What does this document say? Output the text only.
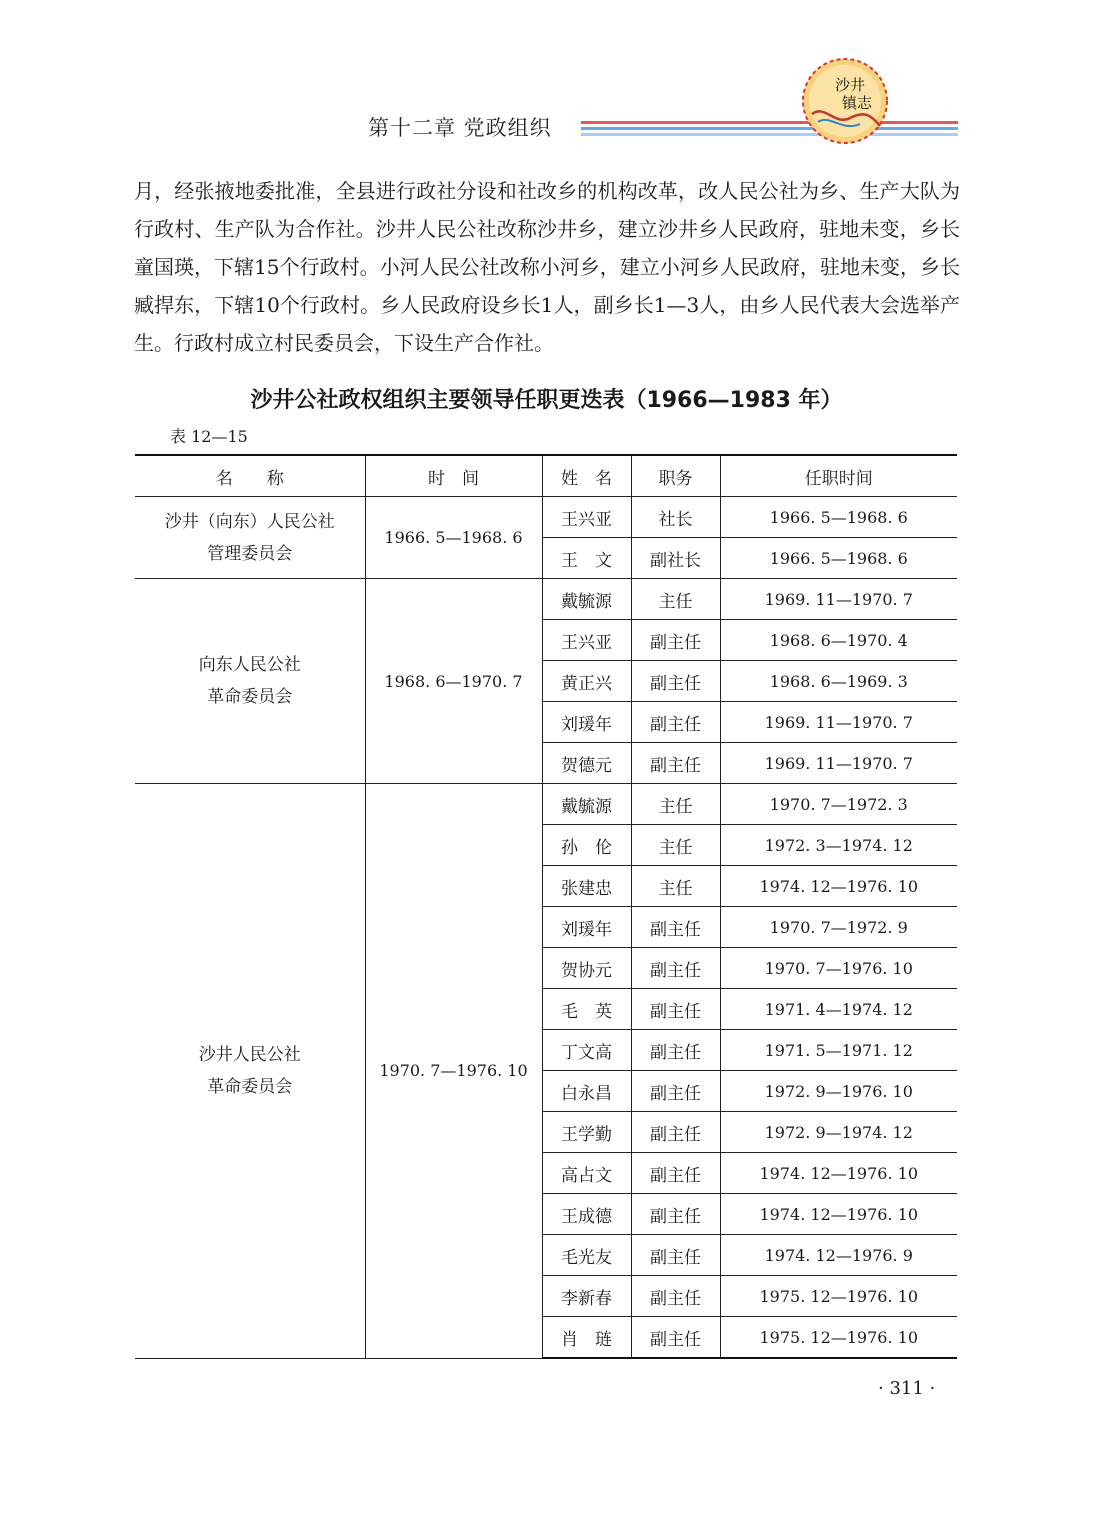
第十二章 党政组织
沙井
镇志

月，经张掖地委批准，全县进行政社分设和社改乡的机构改革，改人民公社为乡、生产大队为行政村、生产队为合作社。沙井人民公社改称沙井乡，建立沙井乡人民政府，驻地未变，乡长童国瑛，下辖15个行政村。小河人民公社改称小河乡，建立小河乡人民政府，驻地未变，乡长臧捍东，下辖10个行政村。乡人民政府设乡长1人，副乡长1—3人，由乡人民代表大会选举产生。行政村成立村民委员会，下设生产合作社。

沙井公社政权组织主要领导任职更迭表（1966—1983 年）
表 12—15
名　　称	时　间	姓　名	职务	任职时间

沙井（向东）人民公社
管理委员会	1966. 5—1968. 6	王兴亚	社长	1966. 5—1968. 6
		王　文	副社长	1966. 5—1968. 6

向东人民公社
革命委员会	1968. 6—1970. 7	戴毓源	主任	1969. 11—1970. 7
		王兴亚	副主任	1968. 6—1970. 4
		黄正兴	副主任	1968. 6—1969. 3
		刘瑗年	副主任	1969. 11—1970. 7
		贺德元	副主任	1969. 11—1970. 7

沙井人民公社
革命委员会	1970. 7—1976. 10	戴毓源	主任	1970. 7—1972. 3
		孙　伦	主任	1972. 3—1974. 12
		张建忠	主任	1974. 12—1976. 10
		刘瑗年	副主任	1970. 7—1972. 9
		贺协元	副主任	1970. 7—1976. 10
		毛　英	副主任	1971. 4—1974. 12
		丁文高	副主任	1971. 5—1971. 12
		白永昌	副主任	1972. 9—1976. 10
		王学勤	副主任	1972. 9—1974. 12
		高占文	副主任	1974. 12—1976. 10
		王成德	副主任	1974. 12—1976. 10
		毛光友	副主任	1974. 12—1976. 9
		李新春	副主任	1975. 12—1976. 10
		肖　琏	副主任	1975. 12—1976. 10
· 311 ·
